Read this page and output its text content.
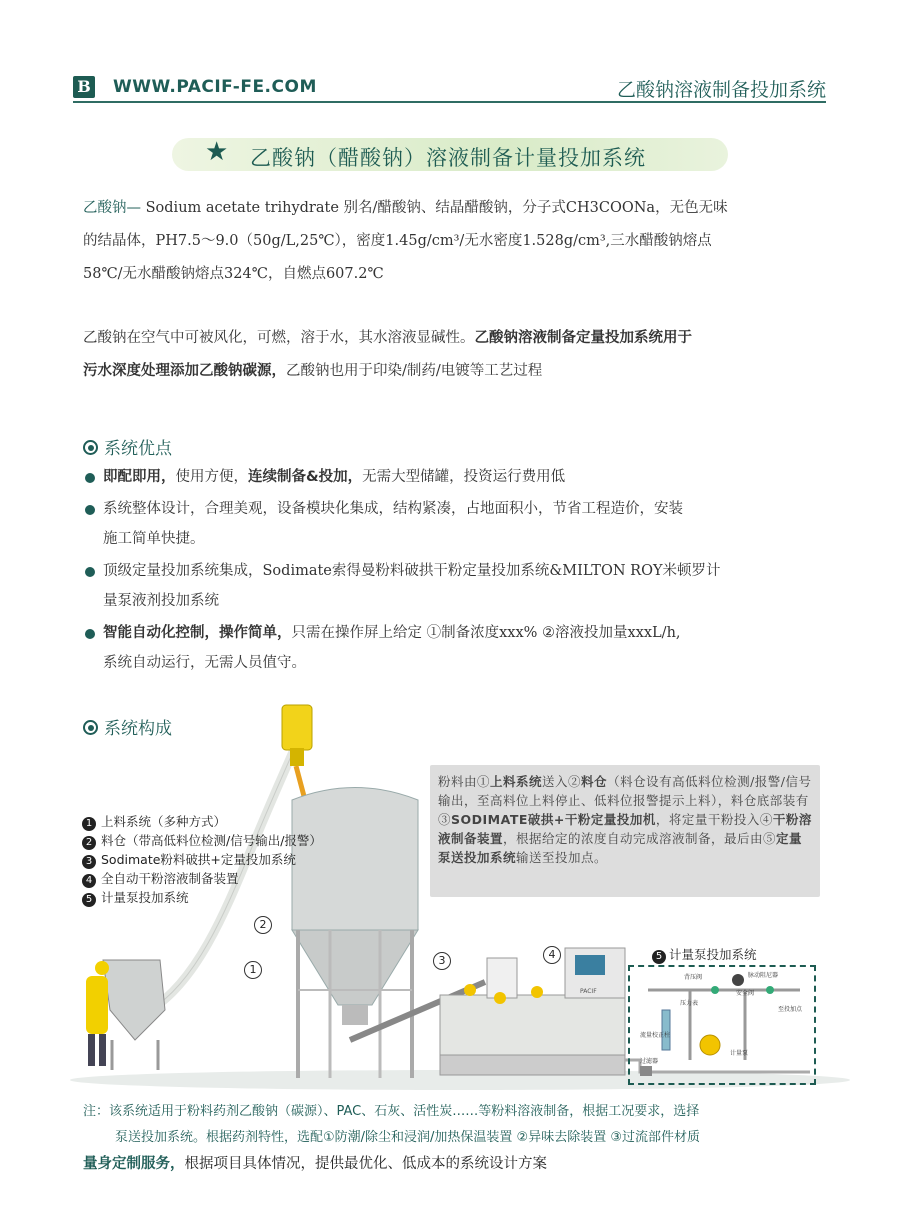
B WWW.PACIF-FE.COM	乙酸钠溶液制备投加系统
★ 乙酸钠（醋酸钠）溶液制备计量投加系统
乙酸钠— Sodium acetate trihydrate 别名/醋酸钠、结晶醋酸钠，分子式CH3COONa，无色无味
的结晶体，PH7.5～9.0（50g/L,25℃），密度1.45g/cm³/无水密度1.528g/cm³,三水醋酸钠熔点
58℃/无水醋酸钠熔点324℃，自燃点607.2℃
乙酸钠在空气中可被风化，可燃，溶于水，其水溶液显碱性。乙酸钠溶液制备定量投加系统用于
污水深度处理添加乙酸钠碳源，乙酸钠也用于印染/制药/电镀等工艺过程
系统优点
即配即用，使用方便，连续制备&投加，无需大型储罐，投资运行费用低
系统整体设计，合理美观，设备模块化集成，结构紧凑，占地面积小，节省工程造价，安装
施工简单快捷。
顶级定量投加系统集成，Sodimate索得曼粉料破拱干粉定量投加系统&MILTON ROY米顿罗计
量泵液剂投加系统
智能自动化控制，操作简单，只需在操作屏上给定 ①制备浓度xxx% ②溶液投加量xxxL/h,
系统自动运行，无需人员值守。
系统构成
粉料由①上料系统送入②料仓（料仓设有高低料位检测/报警/信号输出，至高料位上料停止、低料位报警提示上料），料仓底部装有③SODIMATE破拱+干粉定量投加机，将定量干粉投入④干粉溶液制备装置，根据给定的浓度自动完成溶液制备，最后由⑤定量泵送投加系统输送至投加点。
PACIF
压力表
背压阀
安全阀
脉动阻尼器
计量泵
流量校正柱
过滤器
至投加点
1 上料系统（多种方式）
2 料仓（带高低料位检测/信号输出/报警）
3 Sodimate粉料破拱+定量投加系统
4 全自动干粉溶液制备装置
5 计量泵投加系统
1
2
3	4	5 计量泵投加系统
注：该系统适用于粉料药剂乙酸钠（碳源）、PAC、石灰、活性炭……等粉料溶液制备，根据工况要求，选择
泵送投加系统。根据药剂特性，选配①防潮/除尘和浸润/加热保温装置 ②异味去除装置 ③过流部件材质
量身定制服务，根据项目具体情况，提供最优化、低成本的系统设计方案
